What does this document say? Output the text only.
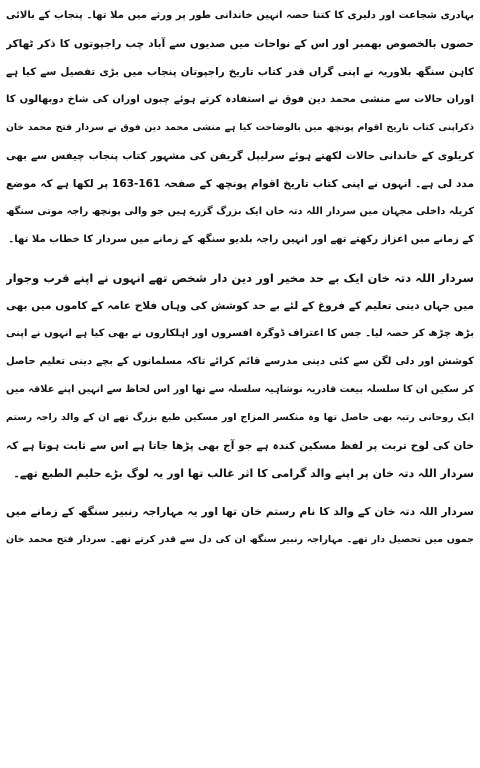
بہادری شجاعت اور دلیری کا کتنا حصہ انہیں خاندانی طور پر ورثے میں ملا تھا۔ پنجاب کے بالائی
حصوں بالخصوص بھمبر اور اس کے نواحات میں صدیوں سے آباد چب راجپوتوں کا ذکر ٹھاکر
کاہن سنگھ بلاوریہ نے اپنی گراں قدر کتاب تاریخ راجپوتان پنجاب میں بڑی تفصیل سے کیا ہے
اوران حالات سے منشی محمد دین فوق نے استفادہ کرتے ہوئے چبوں اوران کی شاخ دوبھالوں کا
ذکراپنی کتاب تاریخ اقوام پونچھ میں بالوضاحت کیا ہے منشی محمد دین فوق نے سردار فتح محمد خان
کریلوی کے خاندانی حالات لکھتے ہوئے سرلیپل گریفن کی مشہور کتاب پنجاب چیفس سے بھی
مدد لی ہے۔ انہوں نے اپنی کتاب تاریخ اقوام پونچھ کے صفحہ 161-163 پر لکھا ہے کہ موضع
کریلہ داخلی مجہان میں سردار اللہ دتہ خان ایک بزرگ گزرے ہیں جو والی پونچھ راجہ موتی سنگھ
کے زمانے میں اعزاز رکھتے تھے اور انہیں راجہ بلدیو سنگھ کے زمانے میں سردار کا خطاب ملا تھا۔
سردار اللہ دتہ خان ایک بے حد مخیر اور دین دار شخص تھے انہوں نے اپنے قرب وجوار
میں جہاں دینی تعلیم کے فروغ کے لئے بے حد کوشش کی وہاں فلاح عامہ کے کاموں میں بھی
بڑھ چڑھ کر حصہ لیا۔ جس کا اعتراف ڈوگرہ افسروں اور اہلکاروں نے بھی کیا ہے انہوں نے اپنی
کوشش اور دلی لگن سے کئی دینی مدرسے قائم کرائے تاکہ مسلمانوں کے بچے دینی تعلیم حاصل
کر سکیں ان کا سلسلہ بیعت قادریہ نوشاہیہ سلسلہ سے تھا اور اس لحاظ سے انہیں اپنے علاقہ میں
ایک روحانی رتبہ بھی حاصل تھا وہ منکسر المزاج اور مسکین طبع بزرگ تھے ان کے والد راجہ رستم
خان کی لوح تربت پر لفظ مسکین کندہ ہے جو آج بھی پڑھا جاتا ہے اس سے ثابت ہوتا ہے کہ
سردار اللہ دتہ خان پر اپنے والد گرامی کا اثر غالب تھا اور یہ لوگ بڑے حلیم الطبع تھے۔
سردار اللہ دتہ خان کے والد کا نام رستم خان تھا اور یہ مہاراجہ رنبیر سنگھ کے زمانے میں
جموں میں تحصیل دار تھے۔ مہاراجہ رنبیر سنگھ ان کی دل سے قدر کرتے تھے۔ سردار فتح محمد خان
